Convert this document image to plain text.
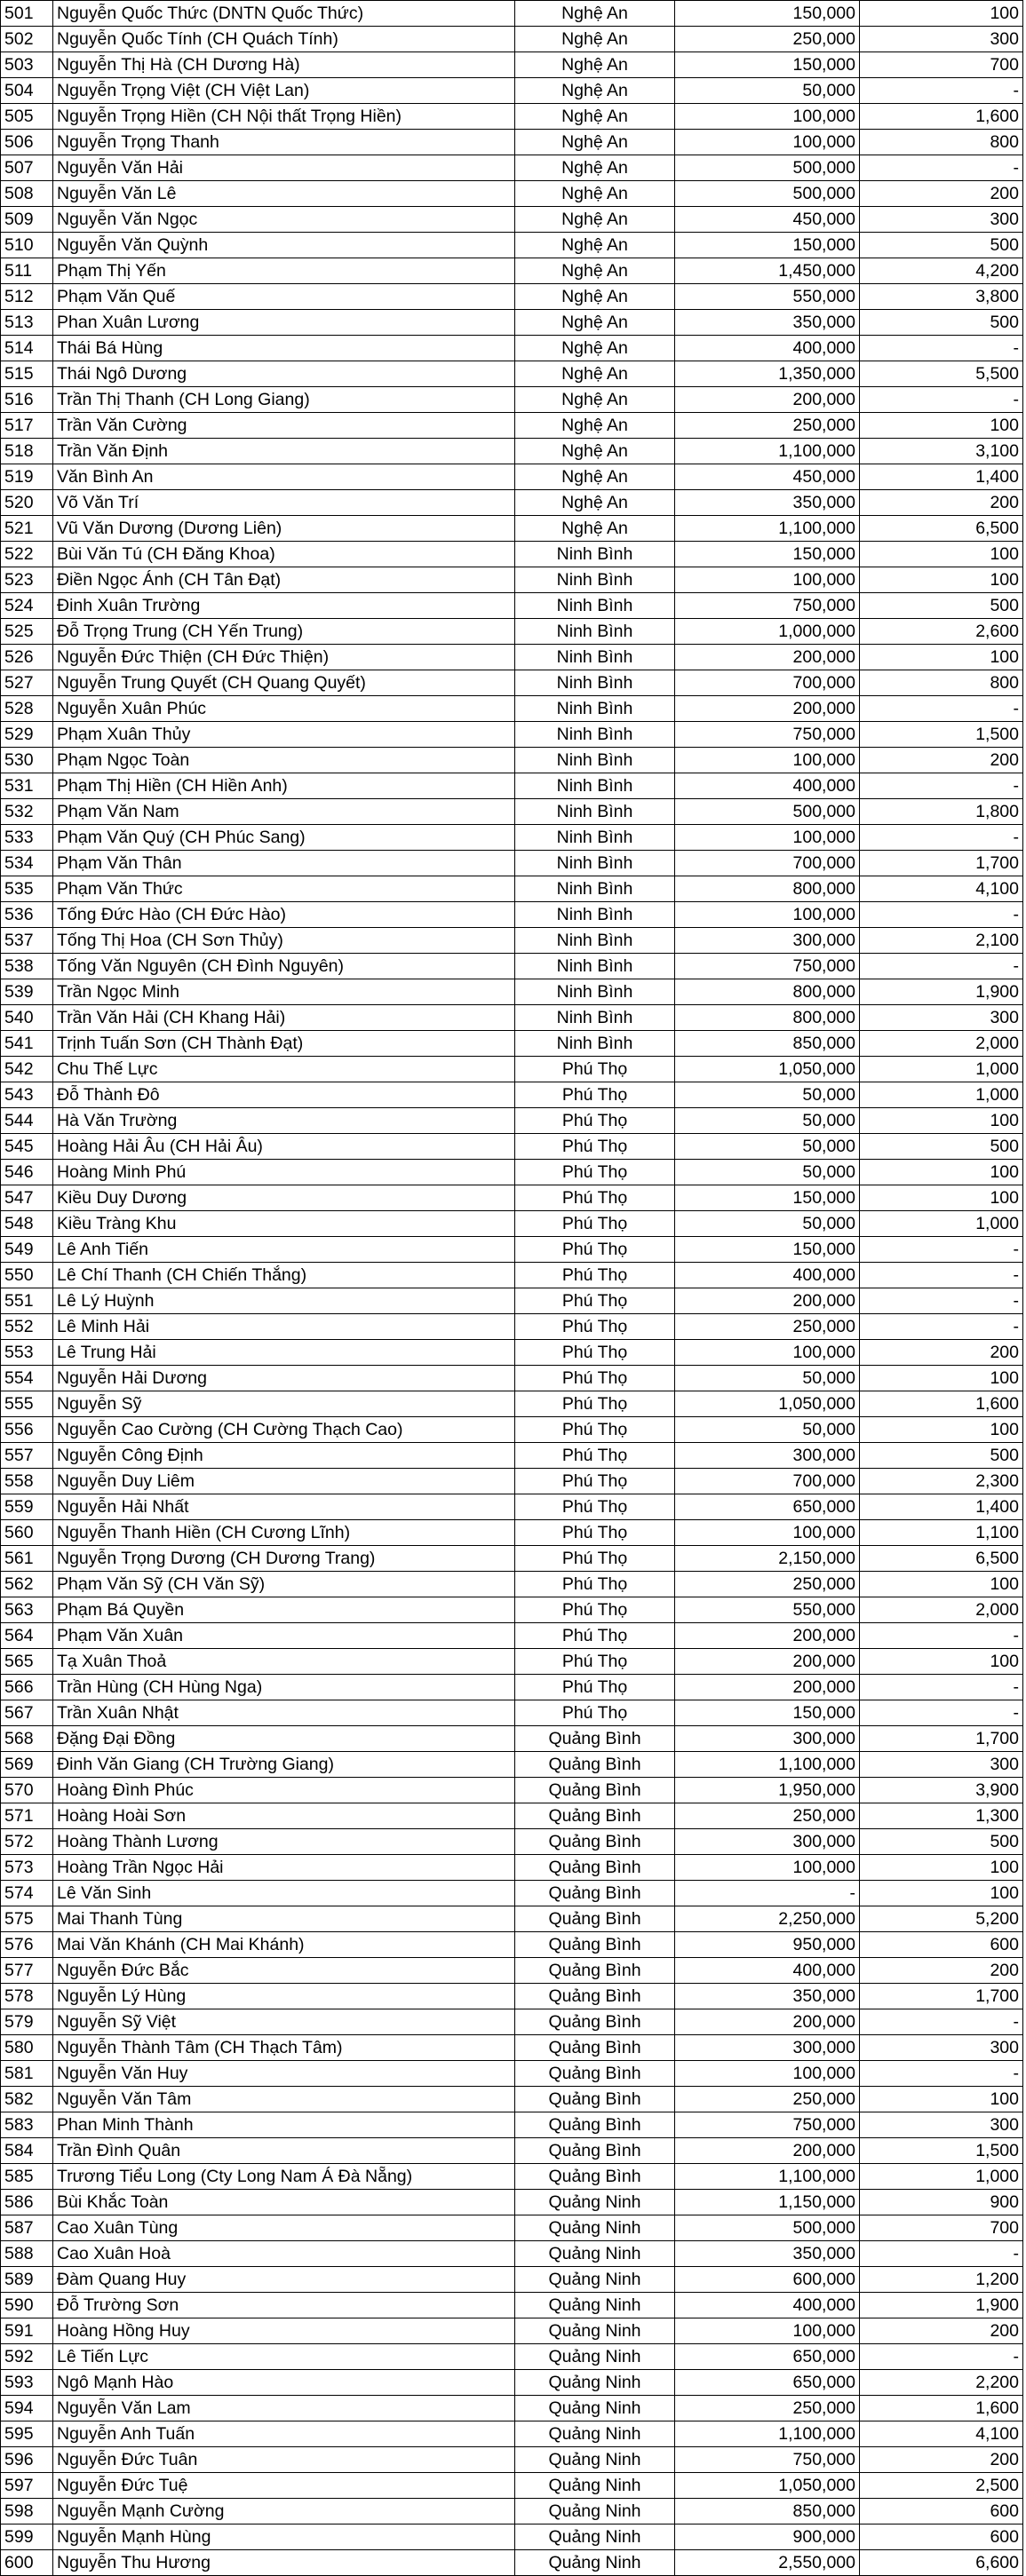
501	Nguyễn Quốc Thức (DNTN Quốc Thức)	Nghệ An	150,000	100
502	Nguyễn Quốc Tính (CH Quách Tính)	Nghệ An	250,000	300
503	Nguyễn Thị Hà (CH Dương Hà)	Nghệ An	150,000	700
504	Nguyễn Trọng Việt (CH Việt Lan)	Nghệ An	50,000	-
505	Nguyễn Trọng Hiền (CH Nội thất Trọng Hiền)	Nghệ An	100,000	1,600
506	Nguyễn Trọng Thanh	Nghệ An	100,000	800
507	Nguyễn Văn Hải	Nghệ An	500,000	-
508	Nguyễn Văn Lê	Nghệ An	500,000	200
509	Nguyễn Văn Ngọc	Nghệ An	450,000	300
510	Nguyễn Văn Quỳnh	Nghệ An	150,000	500
511	Phạm Thị Yến	Nghệ An	1,450,000	4,200
512	Phạm Văn Quế	Nghệ An	550,000	3,800
513	Phan Xuân Lương	Nghệ An	350,000	500
514	Thái Bá Hùng	Nghệ An	400,000	-
515	Thái Ngô Dương	Nghệ An	1,350,000	5,500
516	Trần Thị Thanh (CH Long Giang)	Nghệ An	200,000	-
517	Trần Văn Cường	Nghệ An	250,000	100
518	Trần Văn Định	Nghệ An	1,100,000	3,100
519	Văn Bình An	Nghệ An	450,000	1,400
520	Võ Văn Trí	Nghệ An	350,000	200
521	Vũ Văn Dương (Dương Liên)	Nghệ An	1,100,000	6,500
522	Bùi Văn Tú (CH Đăng Khoa)	Ninh Bình	150,000	100
523	Điền Ngọc Ánh (CH Tân Đạt)	Ninh Bình	100,000	100
524	Đinh Xuân Trường	Ninh Bình	750,000	500
525	Đỗ Trọng Trung (CH Yến Trung)	Ninh Bình	1,000,000	2,600
526	Nguyễn Đức Thiện (CH Đức Thiện)	Ninh Bình	200,000	100
527	Nguyễn Trung Quyết (CH Quang Quyết)	Ninh Bình	700,000	800
528	Nguyễn Xuân Phúc	Ninh Bình	200,000	-
529	Phạm Xuân Thủy	Ninh Bình	750,000	1,500
530	Phạm Ngọc Toàn	Ninh Bình	100,000	200
531	Phạm Thị Hiền (CH Hiền Anh)	Ninh Bình	400,000	-
532	Phạm Văn Nam	Ninh Bình	500,000	1,800
533	Phạm Văn Quý (CH Phúc Sang)	Ninh Bình	100,000	-
534	Phạm Văn Thân	Ninh Bình	700,000	1,700
535	Phạm Văn Thức	Ninh Bình	800,000	4,100
536	Tống Đức Hào (CH Đức Hào)	Ninh Bình	100,000	-
537	Tống Thị Hoa (CH Sơn Thủy)	Ninh Bình	300,000	2,100
538	Tống Văn Nguyên (CH Đình Nguyên)	Ninh Bình	750,000	-
539	Trần Ngọc Minh	Ninh Bình	800,000	1,900
540	Trần Văn Hải (CH Khang Hải)	Ninh Bình	800,000	300
541	Trịnh Tuấn Sơn (CH Thành Đạt)	Ninh Bình	850,000	2,000
542	Chu Thế Lực	Phú Thọ	1,050,000	1,000
543	Đỗ Thành Đô	Phú Thọ	50,000	1,000
544	Hà Văn Trường	Phú Thọ	50,000	100
545	Hoàng Hải Âu (CH Hải Âu)	Phú Thọ	50,000	500
546	Hoàng Minh Phú	Phú Thọ	50,000	100
547	Kiều Duy Dương	Phú Thọ	150,000	100
548	Kiều Tràng Khu	Phú Thọ	50,000	1,000
549	Lê Anh Tiến	Phú Thọ	150,000	-
550	Lê Chí Thanh (CH Chiến Thắng)	Phú Thọ	400,000	-
551	Lê Lý Huỳnh	Phú Thọ	200,000	-
552	Lê Minh Hải	Phú Thọ	250,000	-
553	Lê Trung Hải	Phú Thọ	100,000	200
554	Nguyễn Hải Dương	Phú Thọ	50,000	100
555	Nguyễn Sỹ	Phú Thọ	1,050,000	1,600
556	Nguyễn Cao Cường (CH Cường Thạch Cao)	Phú Thọ	50,000	100
557	Nguyễn Công Định	Phú Thọ	300,000	500
558	Nguyễn Duy Liêm	Phú Thọ	700,000	2,300
559	Nguyễn Hải Nhất	Phú Thọ	650,000	1,400
560	Nguyễn Thanh Hiền (CH Cương Lĩnh)	Phú Thọ	100,000	1,100
561	Nguyễn Trọng Dương (CH Dương Trang)	Phú Thọ	2,150,000	6,500
562	Phạm Văn Sỹ (CH Văn Sỹ)	Phú Thọ	250,000	100
563	Phạm Bá Quyền	Phú Thọ	550,000	2,000
564	Phạm Văn Xuân	Phú Thọ	200,000	-
565	Tạ Xuân Thoả	Phú Thọ	200,000	100
566	Trần Hùng (CH Hùng Nga)	Phú Thọ	200,000	-
567	Trần Xuân Nhật	Phú Thọ	150,000	-
568	Đặng Đại Đồng	Quảng Bình	300,000	1,700
569	Đinh Văn Giang (CH Trường Giang)	Quảng Bình	1,100,000	300
570	Hoàng Đình Phúc	Quảng Bình	1,950,000	3,900
571	Hoàng Hoài Sơn	Quảng Bình	250,000	1,300
572	Hoàng Thành Lương	Quảng Bình	300,000	500
573	Hoàng Trần Ngọc Hải	Quảng Bình	100,000	100
574	Lê Văn Sinh	Quảng Bình	-	100
575	Mai Thanh Tùng	Quảng Bình	2,250,000	5,200
576	Mai Văn Khánh (CH Mai Khánh)	Quảng Bình	950,000	600
577	Nguyễn Đức Bắc	Quảng Bình	400,000	200
578	Nguyễn Lý Hùng	Quảng Bình	350,000	1,700
579	Nguyễn Sỹ Việt	Quảng Bình	200,000	-
580	Nguyễn Thành Tâm (CH Thạch Tâm)	Quảng Bình	300,000	300
581	Nguyễn Văn Huy	Quảng Bình	100,000	-
582	Nguyễn Văn Tâm	Quảng Bình	250,000	100
583	Phan Minh Thành	Quảng Bình	750,000	300
584	Trần Đình Quân	Quảng Bình	200,000	1,500
585	Trương Tiểu Long (Cty Long Nam Á Đà Nẵng)	Quảng Bình	1,100,000	1,000
586	Bùi Khắc Toàn	Quảng Ninh	1,150,000	900
587	Cao Xuân Tùng	Quảng Ninh	500,000	700
588	Cao Xuân Hoà	Quảng Ninh	350,000	-
589	Đàm Quang Huy	Quảng Ninh	600,000	1,200
590	Đỗ Trường Sơn	Quảng Ninh	400,000	1,900
591	Hoàng Hồng Huy	Quảng Ninh	100,000	200
592	Lê Tiến Lực	Quảng Ninh	650,000	-
593	Ngô Mạnh Hào	Quảng Ninh	650,000	2,200
594	Nguyễn Văn Lam	Quảng Ninh	250,000	1,600
595	Nguyễn Anh Tuấn	Quảng Ninh	1,100,000	4,100
596	Nguyễn Đức Tuân	Quảng Ninh	750,000	200
597	Nguyễn Đức Tuệ	Quảng Ninh	1,050,000	2,500
598	Nguyễn Mạnh Cường	Quảng Ninh	850,000	600
599	Nguyễn Mạnh Hùng	Quảng Ninh	900,000	600
600	Nguyễn Thu Hương	Quảng Ninh	2,550,000	6,600
